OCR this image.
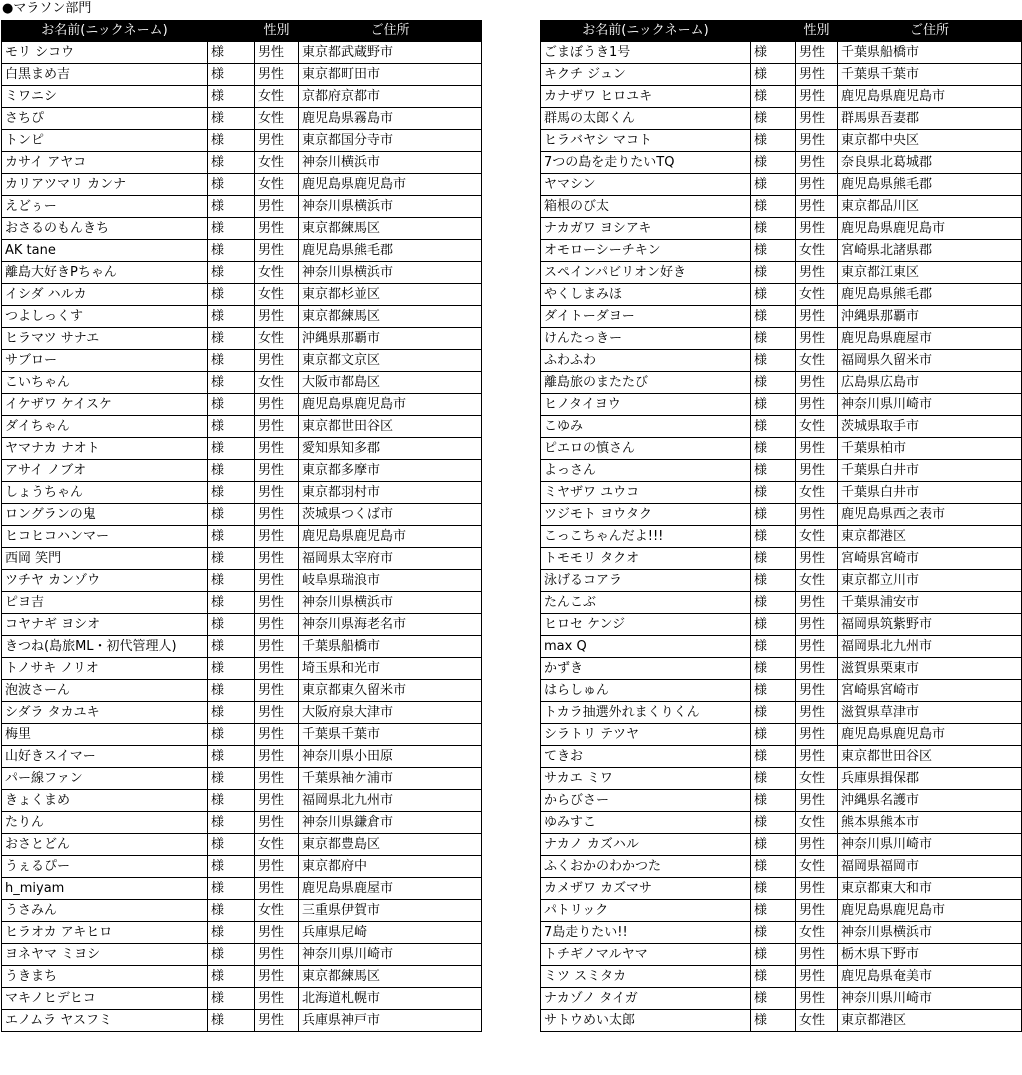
●マラソン部門
お名前(ニックネーム)		性別	ご住所
モリ シコウ	様	男性	東京都武蔵野市
白黒まめ吉	様	男性	東京都町田市
ミワニシ	様	女性	京都府京都市
さちぴ	様	女性	鹿児島県霧島市
トンピ	様	男性	東京都国分寺市
カサイ アヤコ	様	女性	神奈川横浜市
カリアツマリ カンナ	様	女性	鹿児島県鹿児島市
えどぅー	様	男性	神奈川県横浜市
おさるのもんきち	様	男性	東京都練馬区
AK tane	様	男性	鹿児島県熊毛郡
離島大好きPちゃん	様	女性	神奈川県横浜市
イシダ ハルカ	様	女性	東京都杉並区
つよしっくす	様	男性	東京都練馬区
ヒラマツ サナエ	様	女性	沖縄県那覇市
サブロー	様	男性	東京都文京区
こいちゃん	様	女性	大阪市都島区
イケザワ ケイスケ	様	男性	鹿児島県鹿児島市
ダイちゃん	様	男性	東京都世田谷区
ヤマナカ ナオト	様	男性	愛知県知多郡
アサイ ノブオ	様	男性	東京都多摩市
しょうちゃん	様	男性	東京都羽村市
ロングランの鬼	様	男性	茨城県つくば市
ヒコヒコハンマー	様	男性	鹿児島県鹿児島市
西岡 笑門	様	男性	福岡県太宰府市
ツチヤ カンゾウ	様	男性	岐阜県瑞浪市
ピヨ吉	様	男性	神奈川県横浜市
コヤナギ ヨシオ	様	男性	神奈川県海老名市
きつね(島旅ML・初代管理人)	様	男性	千葉県船橋市
トノサキ ノリオ	様	男性	埼玉県和光市
泡波さーん	様	男性	東京都東久留米市
シダラ タカユキ	様	男性	大阪府泉大津市
梅里	様	男性	千葉県千葉市
山好きスイマー	様	男性	神奈川県小田原
パー線ファン	様	男性	千葉県袖ケ浦市
きょくまめ	様	男性	福岡県北九州市
たりん	様	男性	神奈川県鎌倉市
おさとどん	様	女性	東京都豊島区
うぇるぴー	様	男性	東京都府中
h_miyam	様	男性	鹿児島県鹿屋市
うさみん	様	女性	三重県伊賀市
ヒラオカ アキヒロ	様	男性	兵庫県尼崎
ヨネヤマ ミヨシ	様	男性	神奈川県川崎市
うきまち	様	男性	東京都練馬区
マキノヒデヒコ	様	男性	北海道札幌市
エノムラ ヤスフミ	様	男性	兵庫県神戸市
お名前(ニックネーム)		性別	ご住所
ごまぼうき1号	様	男性	千葉県船橋市
キクチ ジュン	様	男性	千葉県千葉市
カナザワ ヒロユキ	様	男性	鹿児島県鹿児島市
群馬の太郎くん	様	男性	群馬県吾妻郡
ヒラバヤシ マコト	様	男性	東京都中央区
7つの島を走りたいTQ	様	男性	奈良県北葛城郡
ヤマシン	様	男性	鹿児島県熊毛郡
箱根のび太	様	男性	東京都品川区
ナカガワ ヨシアキ	様	男性	鹿児島県鹿児島市
オモローシーチキン	様	女性	宮崎県北諸県郡
スペインパビリオン好き	様	男性	東京都江東区
やくしまみほ	様	女性	鹿児島県熊毛郡
ダイトーダヨー	様	男性	沖縄県那覇市
けんたっきー	様	男性	鹿児島県鹿屋市
ふわふわ	様	女性	福岡県久留米市
離島旅のまたたび	様	男性	広島県広島市
ヒノタイヨウ	様	男性	神奈川県川崎市
こゆみ	様	女性	茨城県取手市
ピエロの慎さん	様	男性	千葉県柏市
よっさん	様	男性	千葉県白井市
ミヤザワ ユウコ	様	女性	千葉県白井市
ツジモト ヨウタク	様	男性	鹿児島県西之表市
こっこちゃんだよ!!!	様	女性	東京都港区
トモモリ タクオ	様	男性	宮崎県宮崎市
泳げるコアラ	様	女性	東京都立川市
たんこぶ	様	男性	千葉県浦安市
ヒロセ ケンジ	様	男性	福岡県筑紫野市
max Q	様	男性	福岡県北九州市
かずき	様	男性	滋賀県栗東市
はらしゅん	様	男性	宮崎県宮崎市
トカラ抽選外れまくりくん	様	男性	滋賀県草津市
シラトリ テツヤ	様	男性	鹿児島県鹿児島市
てきお	様	男性	東京都世田谷区
サカエ ミワ	様	女性	兵庫県揖保郡
からびさー	様	男性	沖縄県名護市
ゆみすこ	様	女性	熊本県熊本市
ナカノ カズハル	様	男性	神奈川県川崎市
ふくおかのわかつた	様	女性	福岡県福岡市
カメザワ カズマサ	様	男性	東京都東大和市
パトリック	様	男性	鹿児島県鹿児島市
7島走りたい!!	様	女性	神奈川県横浜市
トチギノマルヤマ	様	男性	栃木県下野市
ミツ スミタカ	様	男性	鹿児島県奄美市
ナカゾノ タイガ	様	男性	神奈川県川崎市
サトウめい太郎	様	女性	東京都港区
